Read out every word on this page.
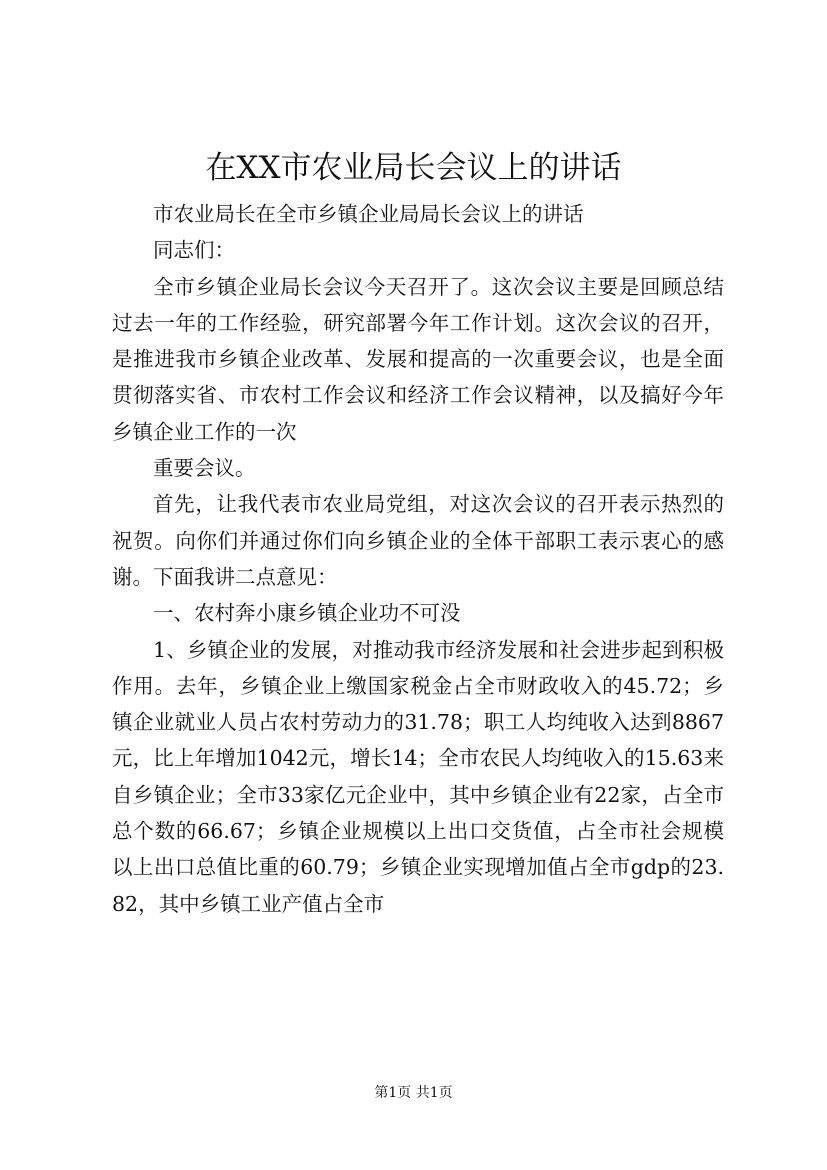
在XX市农业局长会议上的讲话

市农业局长在全市乡镇企业局局长会议上的讲话

同志们：

全市乡镇企业局长会议今天召开了。这次会议主要是回顾总结过去一年的工作经验，研究部署今年工作计划。这次会议的召开，是推进我市乡镇企业改革、发展和提高的一次重要会议，也是全面贯彻落实省、市农村工作会议和经济工作会议精神，以及搞好今年乡镇企业工作的一次

重要会议。

首先，让我代表市农业局党组，对这次会议的召开表示热烈的祝贺。向你们并通过你们向乡镇企业的全体干部职工表示衷心的感谢。下面我讲二点意见：

一、农村奔小康乡镇企业功不可没

1、乡镇企业的发展，对推动我市经济发展和社会进步起到积极作用。去年，乡镇企业上缴国家税金占全市财政收入的45.72；乡镇企业就业人员占农村劳动力的31.78；职工人均纯收入达到8867元，比上年增加1042元，增长14；全市农民人均纯收入的15.63来自乡镇企业；全市33家亿元企业中，其中乡镇企业有22家，占全市总个数的66.67；乡镇企业规模以上出口交货值，占全市社会规模以上出口总值比重的60.79；乡镇企业实现增加值占全市gdp的23.82，其中乡镇工业产值占全市

第1页 共1页
